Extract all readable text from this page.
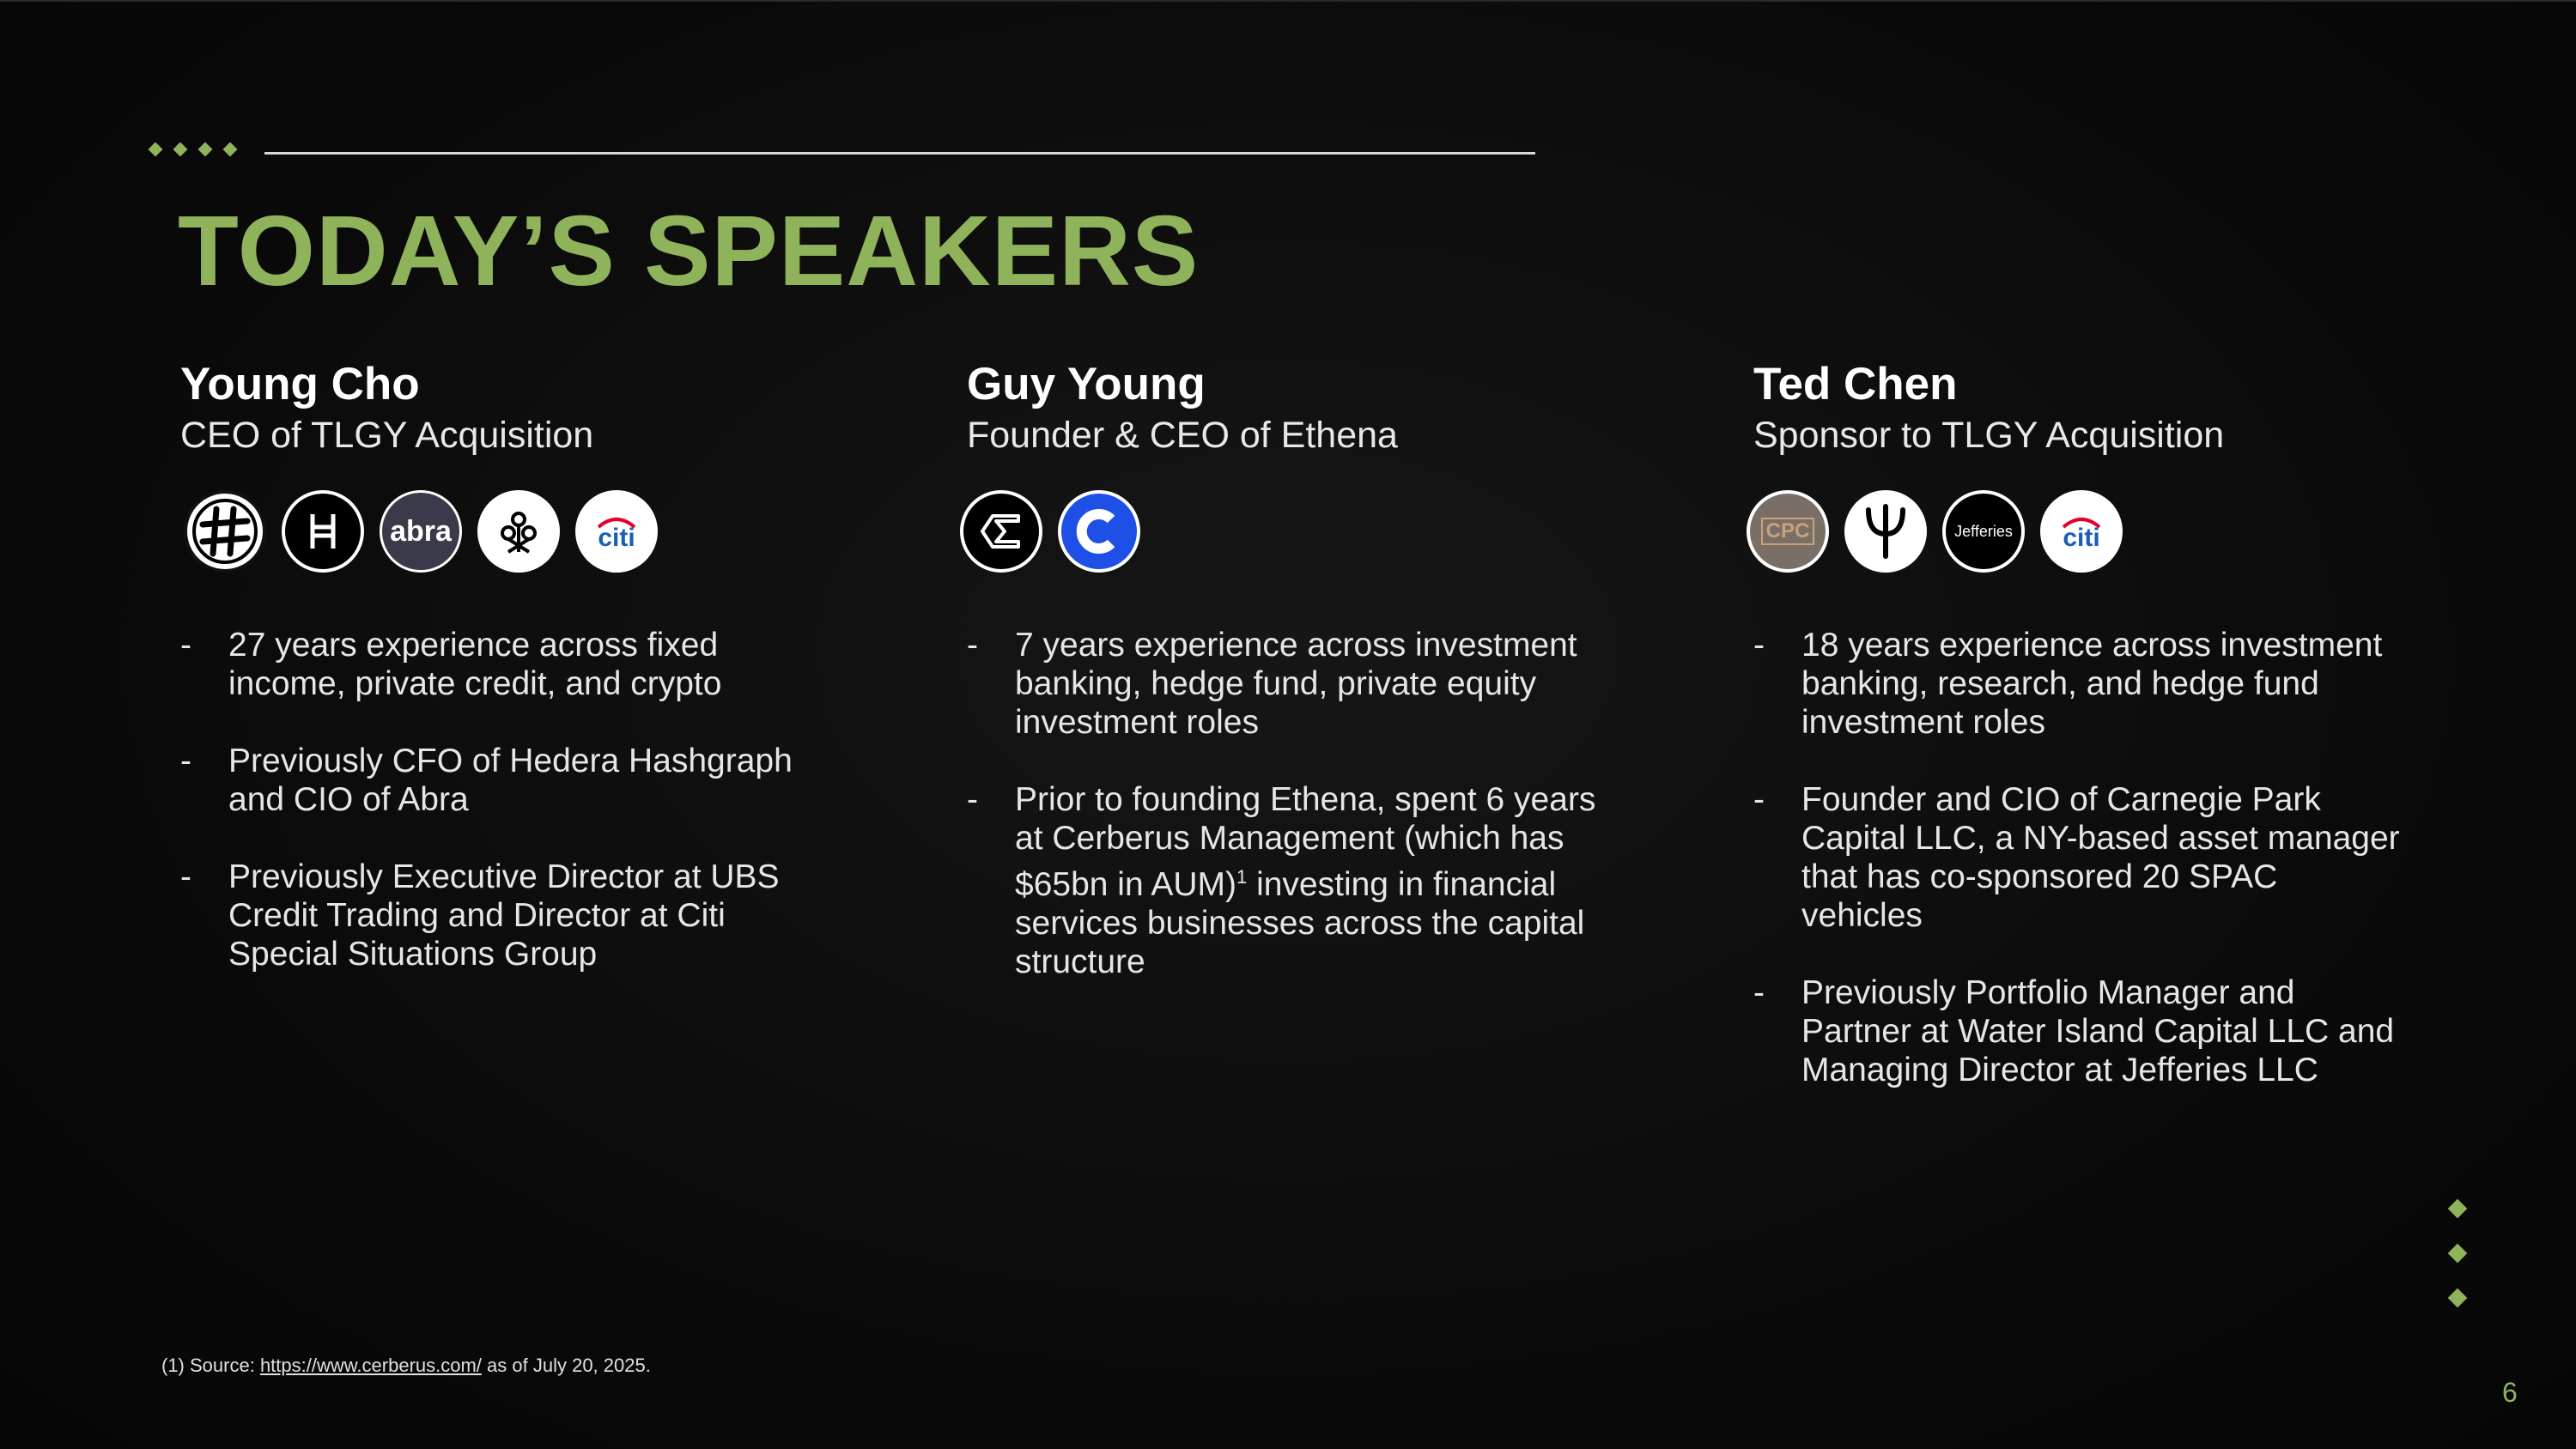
TODAY’S SPEAKERS
Young Cho
CEO of TLGY Acquisition
abra	citi
-	27 years experience across fixed income, private credit, and crypto
-	Previously CFO of Hedera Hashgraph and CIO of Abra
-	Previously Executive Director at UBS Credit Trading and Director at Citi Special Situations Group
Guy Young
Founder & CEO of Ethena
-	7 years experience across investment banking, hedge fund, private equity investment roles
-	Prior to founding Ethena, spent 6 years at Cerberus Management (which has $65bn in AUM)$^1$ investing in financial services businesses across the capital structure
Ted Chen
Sponsor to TLGY Acquisition
CPC	Jefferies citi
-	18 years experience across investment banking, research, and hedge fund investment roles
-	Founder and CIO of Carnegie Park Capital LLC, a NY-based asset manager that has co-sponsored 20 SPAC vehicles
-	Previously Portfolio Manager and Partner at Water Island Capital LLC and Managing Director at Jefferies LLC
(1) Source: https://www.cerberus.com/ as of July 20, 2025.
6
